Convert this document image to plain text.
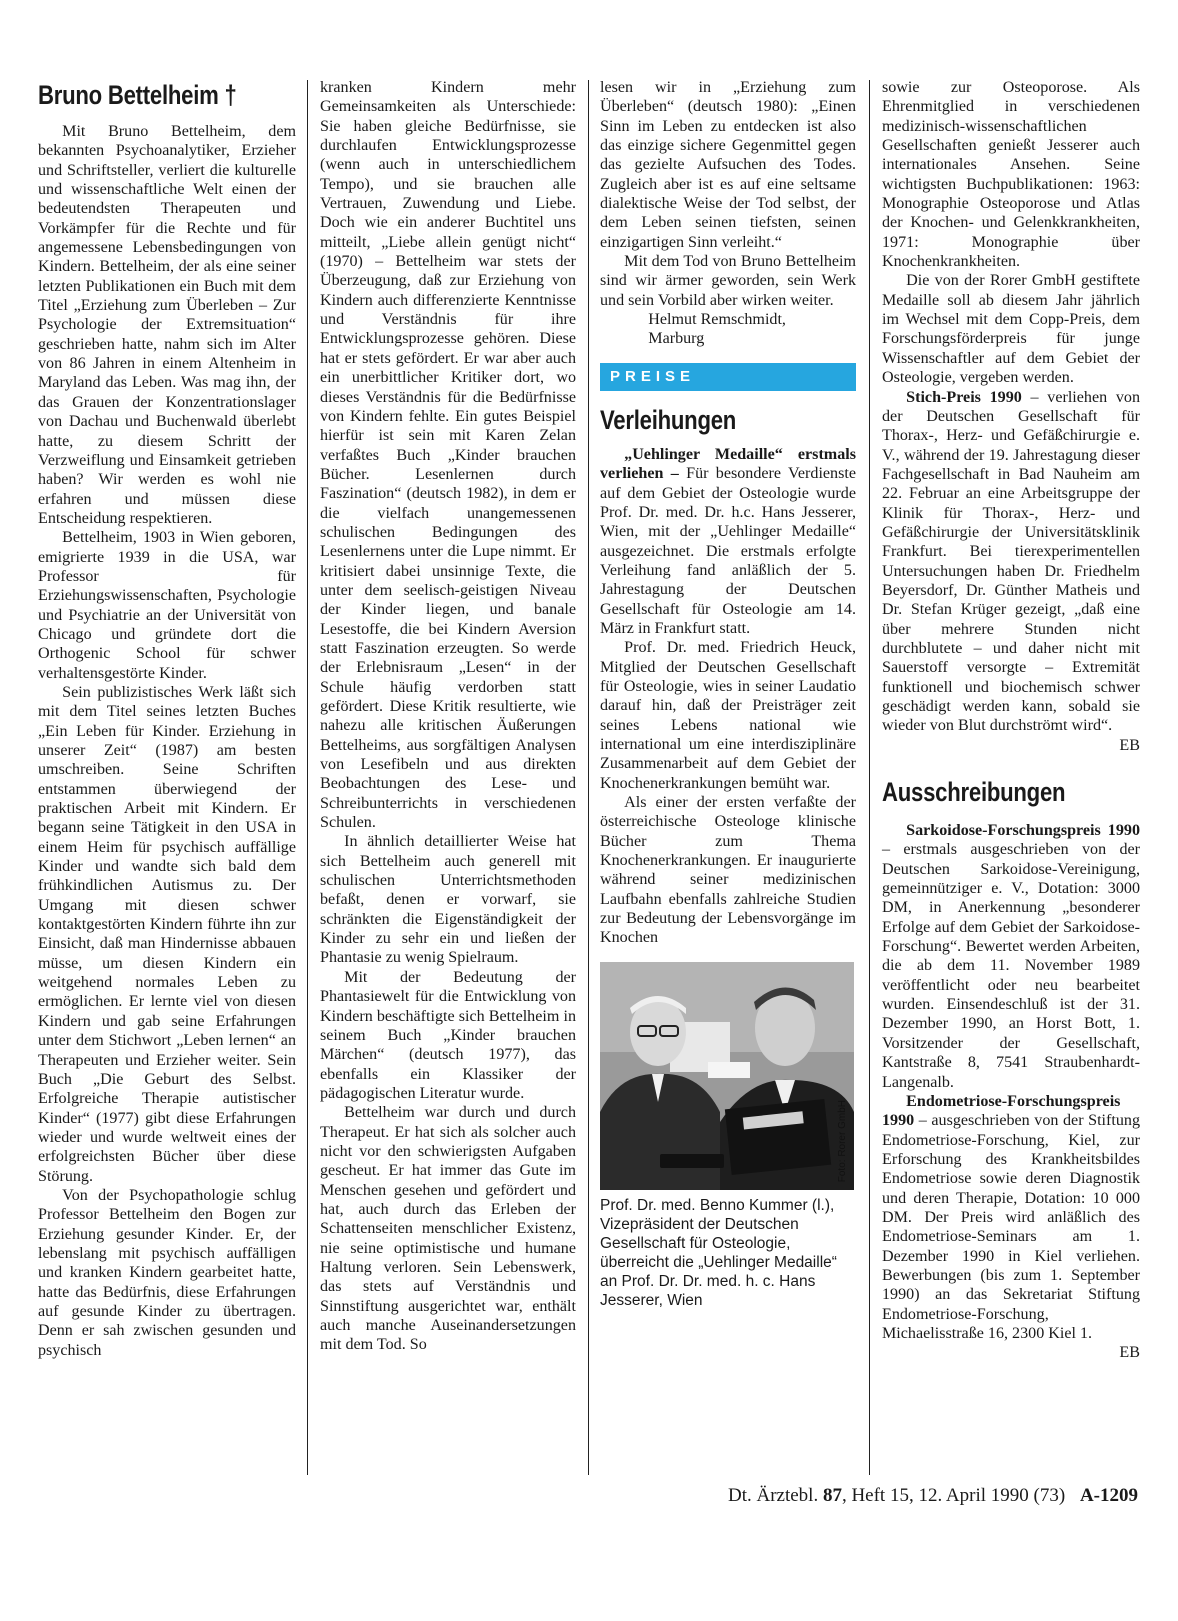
Bruno Bettelheim †

Mit Bruno Bettelheim, dem bekannten Psychoanalytiker, Erzieher und Schriftsteller, verliert die kulturelle und wissenschaftliche Welt einen der bedeutendsten Therapeuten und Vorkämpfer für die Rechte und für angemessene Lebensbedingungen von Kindern. Bettelheim, der als eine seiner letzten Publikationen ein Buch mit dem Titel „Erziehung zum Überleben – Zur Psychologie der Extremsituation“ geschrieben hatte, nahm sich im Alter von 86 Jahren in einem Altenheim in Maryland das Leben. Was mag ihn, der das Grauen der Konzentrationslager von Dachau und Buchenwald überlebt hatte, zu diesem Schritt der Verzweiflung und Einsamkeit getrieben haben? Wir werden es wohl nie erfahren und müssen diese Entscheidung respektieren.

Bettelheim, 1903 in Wien geboren, emigrierte 1939 in die USA, war Professor für Erziehungswissenschaften, Psychologie und Psychiatrie an der Universität von Chicago und gründete dort die Orthogenic School für schwer verhaltensgestörte Kinder.

Sein publizistisches Werk läßt sich mit dem Titel seines letzten Buches „Ein Leben für Kinder. Erziehung in unserer Zeit“ (1987) am besten umschreiben. Seine Schriften entstammen überwiegend der praktischen Arbeit mit Kindern. Er begann seine Tätigkeit in den USA in einem Heim für psychisch auffällige Kinder und wandte sich bald dem frühkindlichen Autismus zu. Der Umgang mit diesen schwer kontaktgestörten Kindern führte ihn zur Einsicht, daß man Hindernisse abbauen müsse, um diesen Kindern ein weitgehend normales Leben zu ermöglichen. Er lernte viel von diesen Kindern und gab seine Erfahrungen unter dem Stichwort „Leben lernen“ an Therapeuten und Erzieher weiter. Sein Buch „Die Geburt des Selbst. Erfolgreiche Therapie autistischer Kinder“ (1977) gibt diese Erfahrungen wieder und wurde weltweit eines der erfolgreichsten Bücher über diese Störung.

Von der Psychopathologie schlug Professor Bettelheim den Bogen zur Erziehung gesunder Kinder. Er, der lebenslang mit psychisch auffälligen und kranken Kindern gearbeitet hatte, hatte das Bedürfnis, diese Erfahrungen auf gesunde Kinder zu übertragen. Denn er sah zwischen gesunden und psychisch

kranken Kindern mehr Gemeinsamkeiten als Unterschiede: Sie haben gleiche Bedürfnisse, sie durchlaufen Entwicklungsprozesse (wenn auch in unterschiedlichem Tempo), und sie brauchen alle Vertrauen, Zuwendung und Liebe. Doch wie ein anderer Buchtitel uns mitteilt, „Liebe allein genügt nicht“ (1970) – Bettelheim war stets der Überzeugung, daß zur Erziehung von Kindern auch differenzierte Kenntnisse und Verständnis für ihre Entwicklungsprozesse gehören. Diese hat er stets gefördert. Er war aber auch ein unerbittlicher Kritiker dort, wo dieses Verständnis für die Bedürfnisse von Kindern fehlte. Ein gutes Beispiel hierfür ist sein mit Karen Zelan verfaßtes Buch „Kinder brauchen Bücher. Lesenlernen durch Faszination“ (deutsch 1982), in dem er die vielfach unangemessenen schulischen Bedingungen des Lesenlernens unter die Lupe nimmt. Er kritisiert dabei unsinnige Texte, die unter dem seelisch-geistigen Niveau der Kinder liegen, und banale Lesestoffe, die bei Kindern Aversion statt Faszination erzeugten. So werde der Erlebnisraum „Lesen“ in der Schule häufig verdorben statt gefördert. Diese Kritik resultierte, wie nahezu alle kritischen Äußerungen Bettelheims, aus sorgfältigen Analysen von Lesefibeln und aus direkten Beobachtungen des Lese- und Schreibunterrichts in verschiedenen Schulen.

In ähnlich detaillierter Weise hat sich Bettelheim auch generell mit schulischen Unterrichtsmethoden befaßt, denen er vorwarf, sie schränkten die Eigenständigkeit der Kinder zu sehr ein und ließen der Phantasie zu wenig Spielraum.

Mit der Bedeutung der Phantasiewelt für die Entwicklung von Kindern beschäftigte sich Bettelheim in seinem Buch „Kinder brauchen Märchen“ (deutsch 1977), das ebenfalls ein Klassiker der pädagogischen Literatur wurde.

Bettelheim war durch und durch Therapeut. Er hat sich als solcher auch nicht vor den schwierigsten Aufgaben gescheut. Er hat immer das Gute im Menschen gesehen und gefördert und hat, auch durch das Erleben der Schattenseiten menschlicher Existenz, nie seine optimistische und humane Haltung verloren. Sein Lebenswerk, das stets auf Verständnis und Sinnstiftung ausgerichtet war, enthält auch manche Auseinandersetzungen mit dem Tod. So

lesen wir in „Erziehung zum Überleben“ (deutsch 1980): „Einen Sinn im Leben zu entdecken ist also das einzige sichere Gegenmittel gegen das gezielte Aufsuchen des Todes. Zugleich aber ist es auf eine seltsame dialektische Weise der Tod selbst, der dem Leben seinen tiefsten, seinen einzigartigen Sinn verleiht.“

Mit dem Tod von Bruno Bettelheim sind wir ärmer geworden, sein Werk und sein Vorbild aber wirken weiter.

Helmut Remschmidt,

Marburg

PREISE
Verleihungen

„Uehlinger Medaille“ erstmals verliehen – Für besondere Verdienste auf dem Gebiet der Osteologie wurde Prof. Dr. med. Dr. h.c. Hans Jesserer, Wien, mit der „Uehlinger Medaille“ ausgezeichnet. Die erstmals erfolgte Verleihung fand anläßlich der 5. Jahrestagung der Deutschen Gesellschaft für Osteologie am 14. März in Frankfurt statt.

Prof. Dr. med. Friedrich Heuck, Mitglied der Deutschen Gesellschaft für Osteologie, wies in seiner Laudatio darauf hin, daß der Preisträger zeit seines Lebens national wie international um eine interdisziplinäre Zusammenarbeit auf dem Gebiet der Knochenerkrankungen bemüht war.

Als einer der ersten verfaßte der österreichische Osteologe klinische Bücher zum Thema Knochenerkrankungen. Er inaugurierte während seiner medizinischen Laufbahn ebenfalls zahlreiche Studien zur Bedeutung der Lebensvorgänge im Knochen

Foto: Rorer GmbH
Prof. Dr. med. Benno Kummer (l.), Vizepräsident der Deutschen Gesellschaft für Osteologie, überreicht die „Uehlinger Medaille“ an Prof. Dr. Dr. med. h. c. Hans Jesserer, Wien

sowie zur Osteoporose. Als Ehrenmitglied in verschiedenen medizinisch-wissenschaftlichen Gesellschaften genießt Jesserer auch internationales Ansehen. Seine wichtigsten Buchpublikationen: 1963: Monographie Osteoporose und Atlas der Knochen- und Gelenkkrankheiten, 1971: Monographie über Knochenkrankheiten.

Die von der Rorer GmbH gestiftete Medaille soll ab diesem Jahr jährlich im Wechsel mit dem Copp-Preis, dem Forschungsförderpreis für junge Wissenschaftler auf dem Gebiet der Osteologie, vergeben werden.

Stich-Preis 1990 – verliehen von der Deutschen Gesellschaft für Thorax-, Herz- und Gefäßchirurgie e. V., während der 19. Jahrestagung dieser Fachgesellschaft in Bad Nauheim am 22. Februar an eine Arbeitsgruppe der Klinik für Thorax-, Herz- und Gefäßchirurgie der Universitätsklinik Frankfurt. Bei tierexperimentellen Untersuchungen haben Dr. Friedhelm Beyersdorf, Dr. Günther Matheis und Dr. Stefan Krüger gezeigt, „daß eine über mehrere Stunden nicht durchblutete – und daher nicht mit Sauerstoff versorgte – Extremität funktionell und biochemisch schwer geschädigt werden kann, sobald sie wieder von Blut durchströmt wird“.

EB
Ausschreibungen

Sarkoidose-Forschungspreis 1990 – erstmals ausgeschrieben von der Deutschen Sarkoidose-Vereinigung, gemeinnütziger e. V., Dotation: 3000 DM, in Anerkennung „besonderer Erfolge auf dem Gebiet der Sarkoidose-Forschung“. Bewertet werden Arbeiten, die ab dem 11. November 1989 veröffentlicht oder neu bearbeitet wurden. Einsendeschluß ist der 31. Dezember 1990, an Horst Bott, 1. Vorsitzender der Gesellschaft, Kantstraße 8, 7541 Straubenhardt-Langenalb.

Endometriose-Forschungspreis 1990 – ausgeschrieben von der Stiftung Endometriose-Forschung, Kiel, zur Erforschung des Krankheitsbildes Endometriose sowie deren Diagnostik und deren Therapie, Dotation: 10 000 DM. Der Preis wird anläßlich des Endometriose-Seminars am 1. Dezember 1990 in Kiel verliehen. Bewerbungen (bis zum 1. September 1990) an das Sekretariat Stiftung Endometriose-Forschung, Michaelisstraße 16, 2300 Kiel 1.

EB
Dt. Ärztebl. 87, Heft 15, 12. April 1990 (73) A-1209
